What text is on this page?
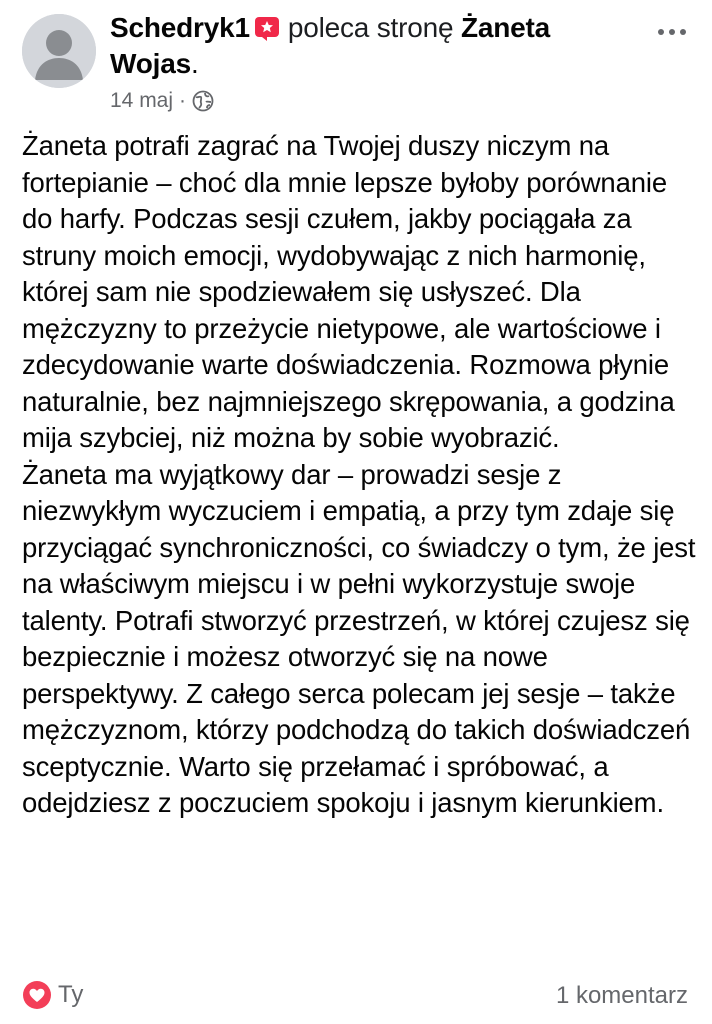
Schedryk1 poleca stronę Żaneta Wojas.
14 maj ·

Żaneta potrafi zagrać na Twojej duszy niczym na fortepianie – choć dla mnie lepsze byłoby porównanie do harfy. Podczas sesji czułem, jakby pociągała za struny moich emocji, wydobywając z nich harmonię, której sam nie spodziewałem się usłyszeć. Dla mężczyzny to przeżycie nietypowe, ale wartościowe i zdecydowanie warte doświadczenia. Rozmowa płynie naturalnie, bez najmniejszego skrępowania, a godzina mija szybciej, niż można by sobie wyobrazić.

Żaneta ma wyjątkowy dar – prowadzi sesje z niezwykłym wyczuciem i empatią, a przy tym zdaje się przyciągać synchroniczności, co świadczy o tym, że jest na właściwym miejscu i w pełni wykorzystuje swoje talenty. Potrafi stworzyć przestrzeń, w której czujesz się bezpiecznie i możesz otworzyć się na nowe perspektywy. Z całego serca polecam jej sesje – także mężczyznom, którzy podchodzą do takich doświadczeń sceptycznie. Warto się przełamać i spróbować, a odejdziesz z poczuciem spokoju i jasnym kierunkiem.

Ty	1 komentarz
